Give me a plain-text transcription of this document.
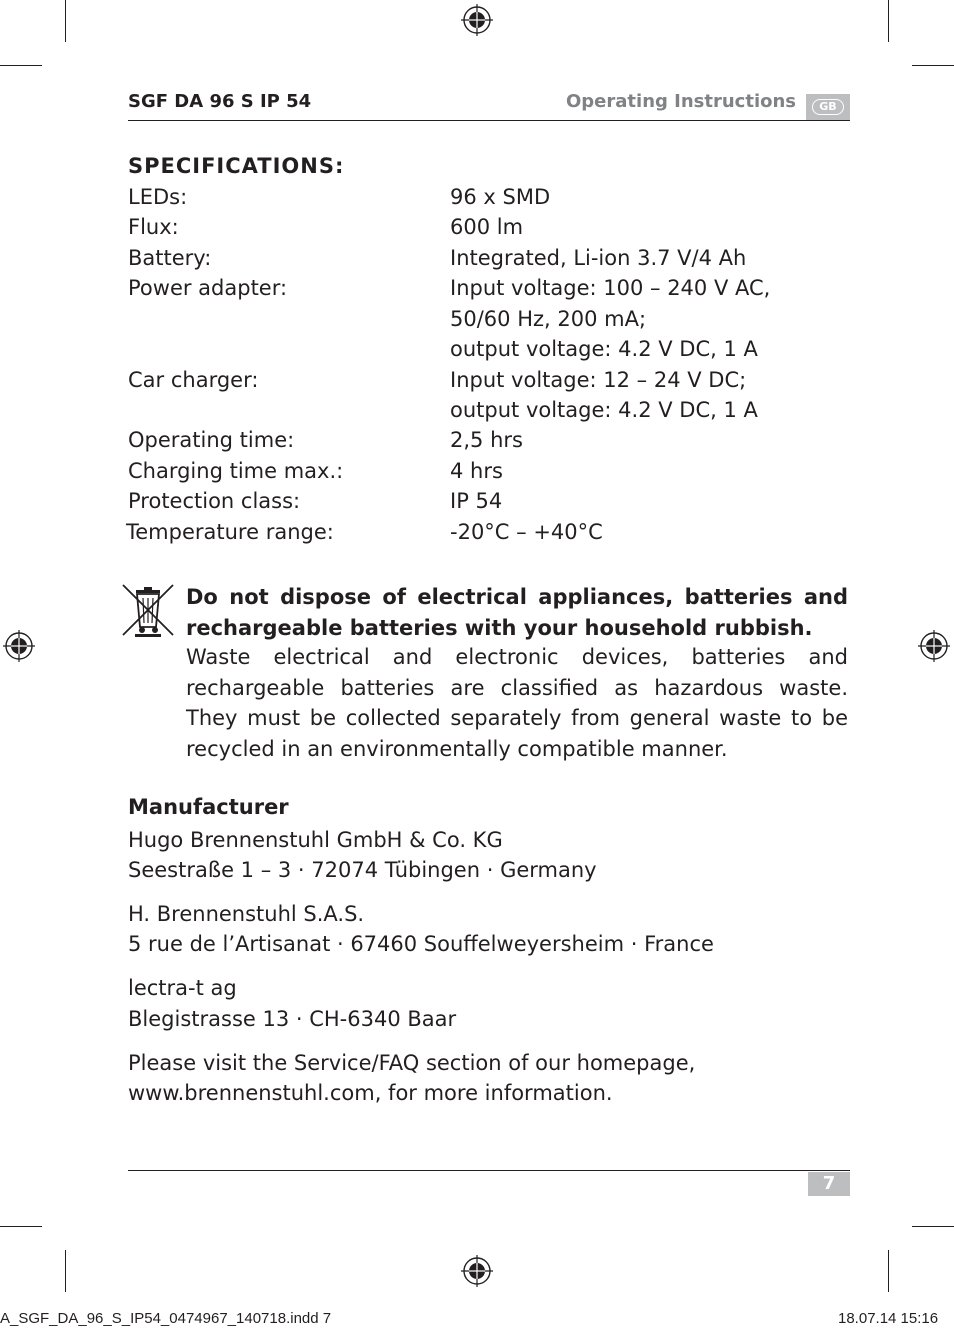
SGF DA 96 S IP 54	Operating Instructions	GB
SPECIFICATIONS:
LEDs:	96 x SMD
Flux:	600 lm
Battery:	Integrated, Li-ion 3.7 V/4 Ah
Power adapter:	Input voltage: 100 – 240 V AC,
50/60 Hz, 200 mA;
output voltage: 4.2 V DC, 1 A
Car charger:	Input voltage: 12 – 24 V DC;
output voltage: 4.2 V DC, 1 A
Operating time:	2,5 hrs
Charging time max.:	4 hrs
Protection class:	IP 54
Temperature range:	-20°C – +40°C
Do not dispose of electrical appliances, batteries and rechargeable batteries with your household rubbish.
Waste electrical and electronic devices, batteries and rechargeable batteries are classified as hazardous waste. They must be collected separately from general waste to be recycled in an environmentally compatible manner.
Manufacturer
Hugo Brennenstuhl GmbH & Co. KG
Seestraße 1 – 3 · 72074 Tübingen · Germany
H. Brennenstuhl S.A.S.
5 rue de l’Artisanat · 67460 Souffelweyersheim · France
lectra-t ag
Blegistrasse 13 · CH-6340 Baar
Please visit the Service/FAQ section of our homepage,
www.brennenstuhl.com, for more information.
7
A_SGF_DA_96_S_IP54_0474967_140718.indd 7	18.07.14 15:16
